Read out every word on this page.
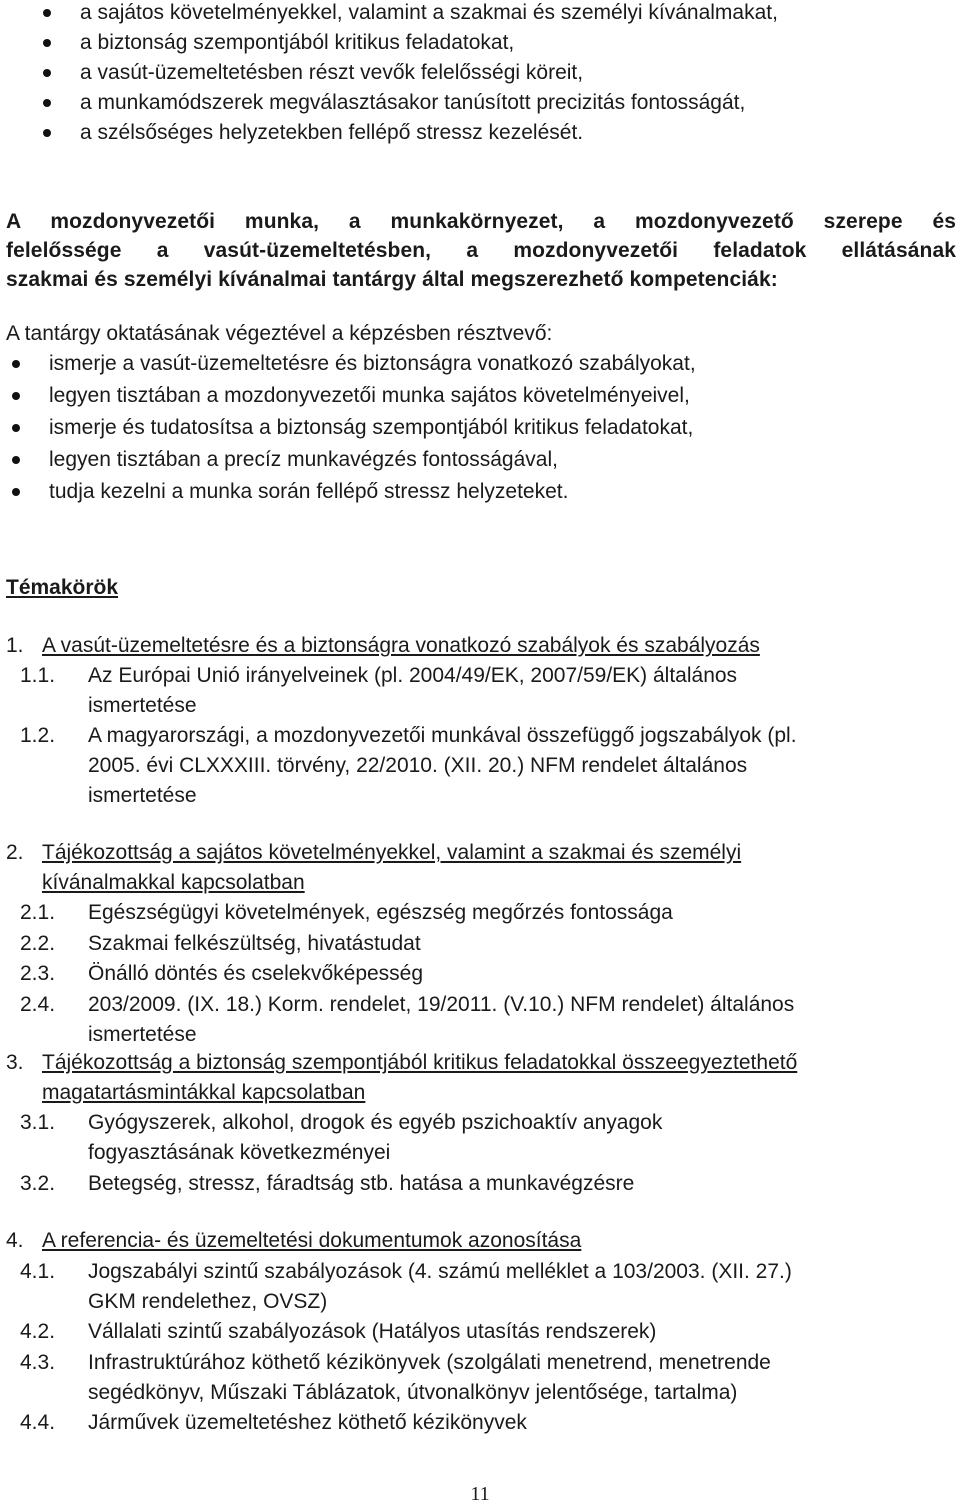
a sajátos követelményekkel, valamint a szakmai és személyi kívánalmakat,
a biztonság szempontjából kritikus feladatokat,
a vasút-üzemeltetésben részt vevők felelősségi köreit,
a munkamódszerek megválasztásakor tanúsított precizitás fontosságát,
a szélsőséges helyzetekben fellépő stressz kezelését.
A mozdonyvezetői munka, a munkakörnyezet, a mozdonyvezető szerepe és
felelőssége a vasút-üzemeltetésben, a mozdonyvezetői feladatok ellátásának
szakmai és személyi kívánalmai tantárgy által megszerezhető kompetenciák:
A tantárgy oktatásának végeztével a képzésben résztvevő:
ismerje a vasút-üzemeltetésre és biztonságra vonatkozó szabályokat,
legyen tisztában a mozdonyvezetői munka sajátos követelményeivel,
ismerje és tudatosítsa a biztonság szempontjából kritikus feladatokat,
legyen tisztában a precíz munkavégzés fontosságával,
tudja kezelni a munka során fellépő stressz helyzeteket.
Témakörök
1. A vasút-üzemeltetésre és a biztonságra vonatkozó szabályok és szabályozás
1.1. Az Európai Unió irányelveinek (pl. 2004/49/EK, 2007/59/EK) általános
ismertetése
1.2. A magyarországi, a mozdonyvezetői munkával összefüggő jogszabályok (pl.
2005. évi CLXXXIII. törvény, 22/2010. (XII. 20.) NFM rendelet általános
ismertetése
2. Tájékozottság a sajátos követelményekkel, valamint a szakmai és személyi
kívánalmakkal kapcsolatban
2.1. Egészségügyi követelmények, egészség megőrzés fontossága
2.2. Szakmai felkészültség, hivatástudat
2.3. Önálló döntés és cselekvőképesség
2.4. 203/2009. (IX. 18.) Korm. rendelet, 19/2011. (V.10.) NFM rendelet) általános
ismertetése
3. Tájékozottság a biztonság szempontjából kritikus feladatokkal összeegyeztethető
magatartásmintákkal kapcsolatban
3.1. Gyógyszerek, alkohol, drogok és egyéb pszichoaktív anyagok
fogyasztásának következményei
3.2. Betegség, stressz, fáradtság stb. hatása a munkavégzésre
4. A referencia- és üzemeltetési dokumentumok azonosítása
4.1. Jogszabályi szintű szabályozások (4. számú melléklet a 103/2003. (XII. 27.)
GKM rendelethez, OVSZ)
4.2. Vállalati szintű szabályozások (Hatályos utasítás rendszerek)
4.3. Infrastruktúrához köthető kézikönyvek (szolgálati menetrend, menetrende
segédkönyv, Műszaki Táblázatok, útvonalkönyv jelentősége, tartalma)
4.4. Járművek üzemeltetéshez köthető kézikönyvek
11
